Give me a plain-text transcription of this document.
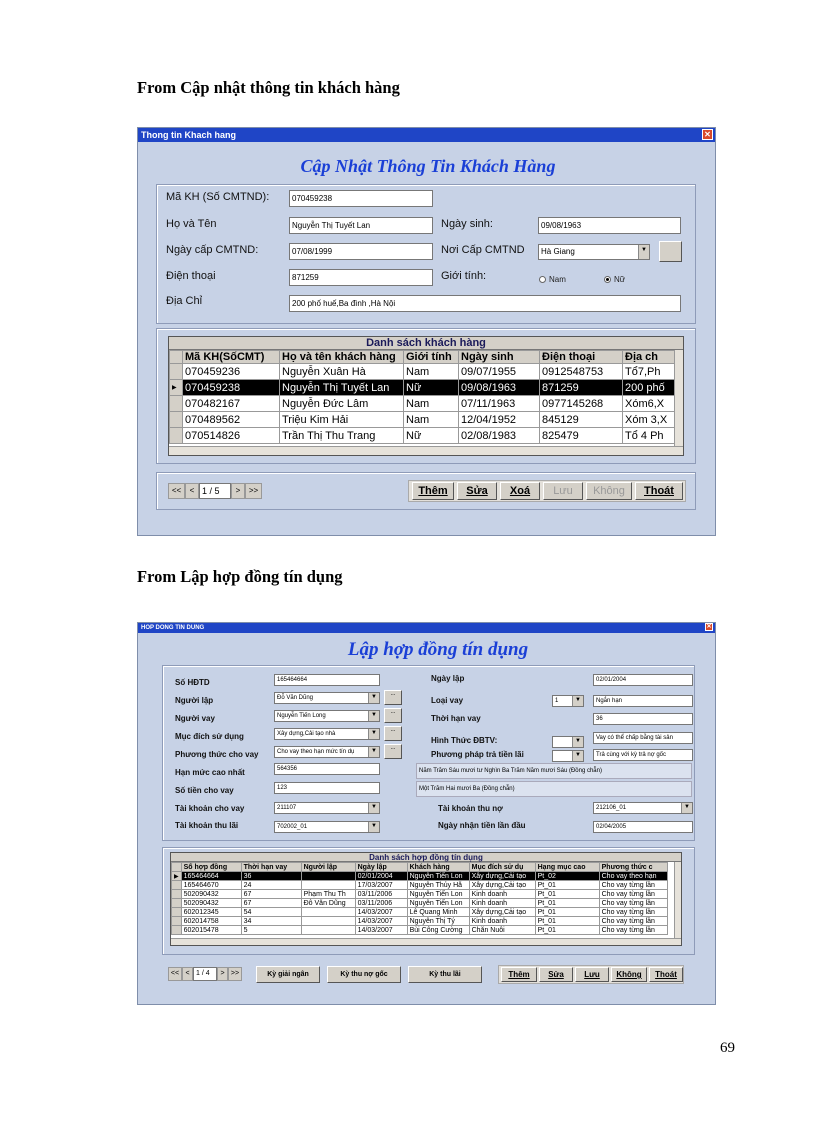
From Cập nhật thông tin khách hàng
Thong tin Khach hang	✕
Cập Nhật Thông Tin Khách Hàng
Mã KH (Số CMTND):	070459238
Họ và Tên	Nguyễn Thị Tuyết Lan	Ngày sinh:	09/08/1963
Ngày cấp CMTND:	07/08/1999	Nơi Cấp CMTND	Hà Giang	▼
Điện thoại	871259	Giới tính:	Nam	Nữ
Địa Chỉ	200 phố huế,Ba đình ,Hà Nội
Danh sách khách hàng
	Mã KH(SốCMT)	Họ và tên khách hàng	Giới tính	Ngày sinh	Điện thoại	Địa ch
	070459236	Nguyễn Xuân Hà	Nam	09/07/1955	0912548753	Tổ7,Ph
▶	070459238	Nguyễn Thị Tuyết Lan	Nữ	09/08/1963	871259	200 phố
	070482167	Nguyễn Đức Lâm	Nam	07/11/1963	0977145268	Xóm6,X
	070489562	Triệu Kim Hải	Nam	12/04/1952	845129	Xóm 3,X
	070514826	Trần Thị Thu Trang	Nữ	02/08/1983	825479	Tổ 4 Ph
<< < 1 / 5 > >>	Thêm	Sửa	Xoá	Lưu	Không	Thoát
From Lập hợp đồng tín dụng
HOP DONG TIN DUNG	✕
Lập hợp đồng tín dụng
Số HĐTD	165464664
Người lập	Đỗ Văn Dũng	▼	...
Người vay	Nguyễn Tiến Long	▼	...
Mục đích sử dụng	Xây dựng,Cải tạo nhà	▼	...
Phương thức cho vay	Cho vay theo hạn mức tín dụ	▼	...
Hạn mức cao nhất	564356
Số tiền cho vay	123
Tài khoản cho vay	211107	▼
Tài khoản thu lãi	702002_01	▼
Ngày lập	02/01/2004
Loại vay	1	▼	Ngắn hạn
Thời hạn vay	36
Hình Thức ĐBTV:	▼	Vay có thể chấp bằng tài sản
Phương pháp trả tiền lãi	▼	Trả cùng với kỳ trả nợ gốc
Năm Trăm Sáu mươi tư Nghìn Ba Trăm Năm mươi Sáu (Đồng chẵn)
Một Trăm Hai mươi Ba (Đồng chẵn)
Tài khoản thu nợ	212106_01	▼
Ngày nhận tiền lần đầu	02/04/2005
Danh sách hợp đồng tín dụng
	Số hợp đồng	Thời hạn vay	Người lập	Ngày lập	Khách hàng	Mục đích sử dụ	Hạng mục cao	Phương thức c
▶	165464664	36		02/01/2004	Nguyễn Tiến Lon	Xây dựng,Cải tạo	Pt_02	Cho vay theo hạn
	165464670	24		17/03/2007	Nguyễn Thủy Hằ	Xây dựng,Cải tạo	Pt_01	Cho vay từng lần
	502090432	67	Phạm Thu Th	03/11/2006	Nguyễn Tiến Lon	Kinh doanh	Pt_01	Cho vay từng lần
	502090432	67	Đỗ Văn Dũng	03/11/2006	Nguyễn Tiến Lon	Kinh doanh	Pt_01	Cho vay từng lần
	602012345	54		14/03/2007	Lê Quang Minh	Xây dựng,Cải tạo	Pt_01	Cho vay từng lần
	602014758	34		14/03/2007	Nguyễn Thị Tý	Kinh doanh	Pt_01	Cho vay từng lần
	602015478	5		14/03/2007	Bùi Công Cường	Chăn Nuôi	Pt_01	Cho vay từng lần
<< < 1 / 4 > >>	Kỳ giải ngân	Kỳ thu nợ gốc	Kỳ thu lãi	Thêm	Sửa	Lưu	Không	Thoát
69
